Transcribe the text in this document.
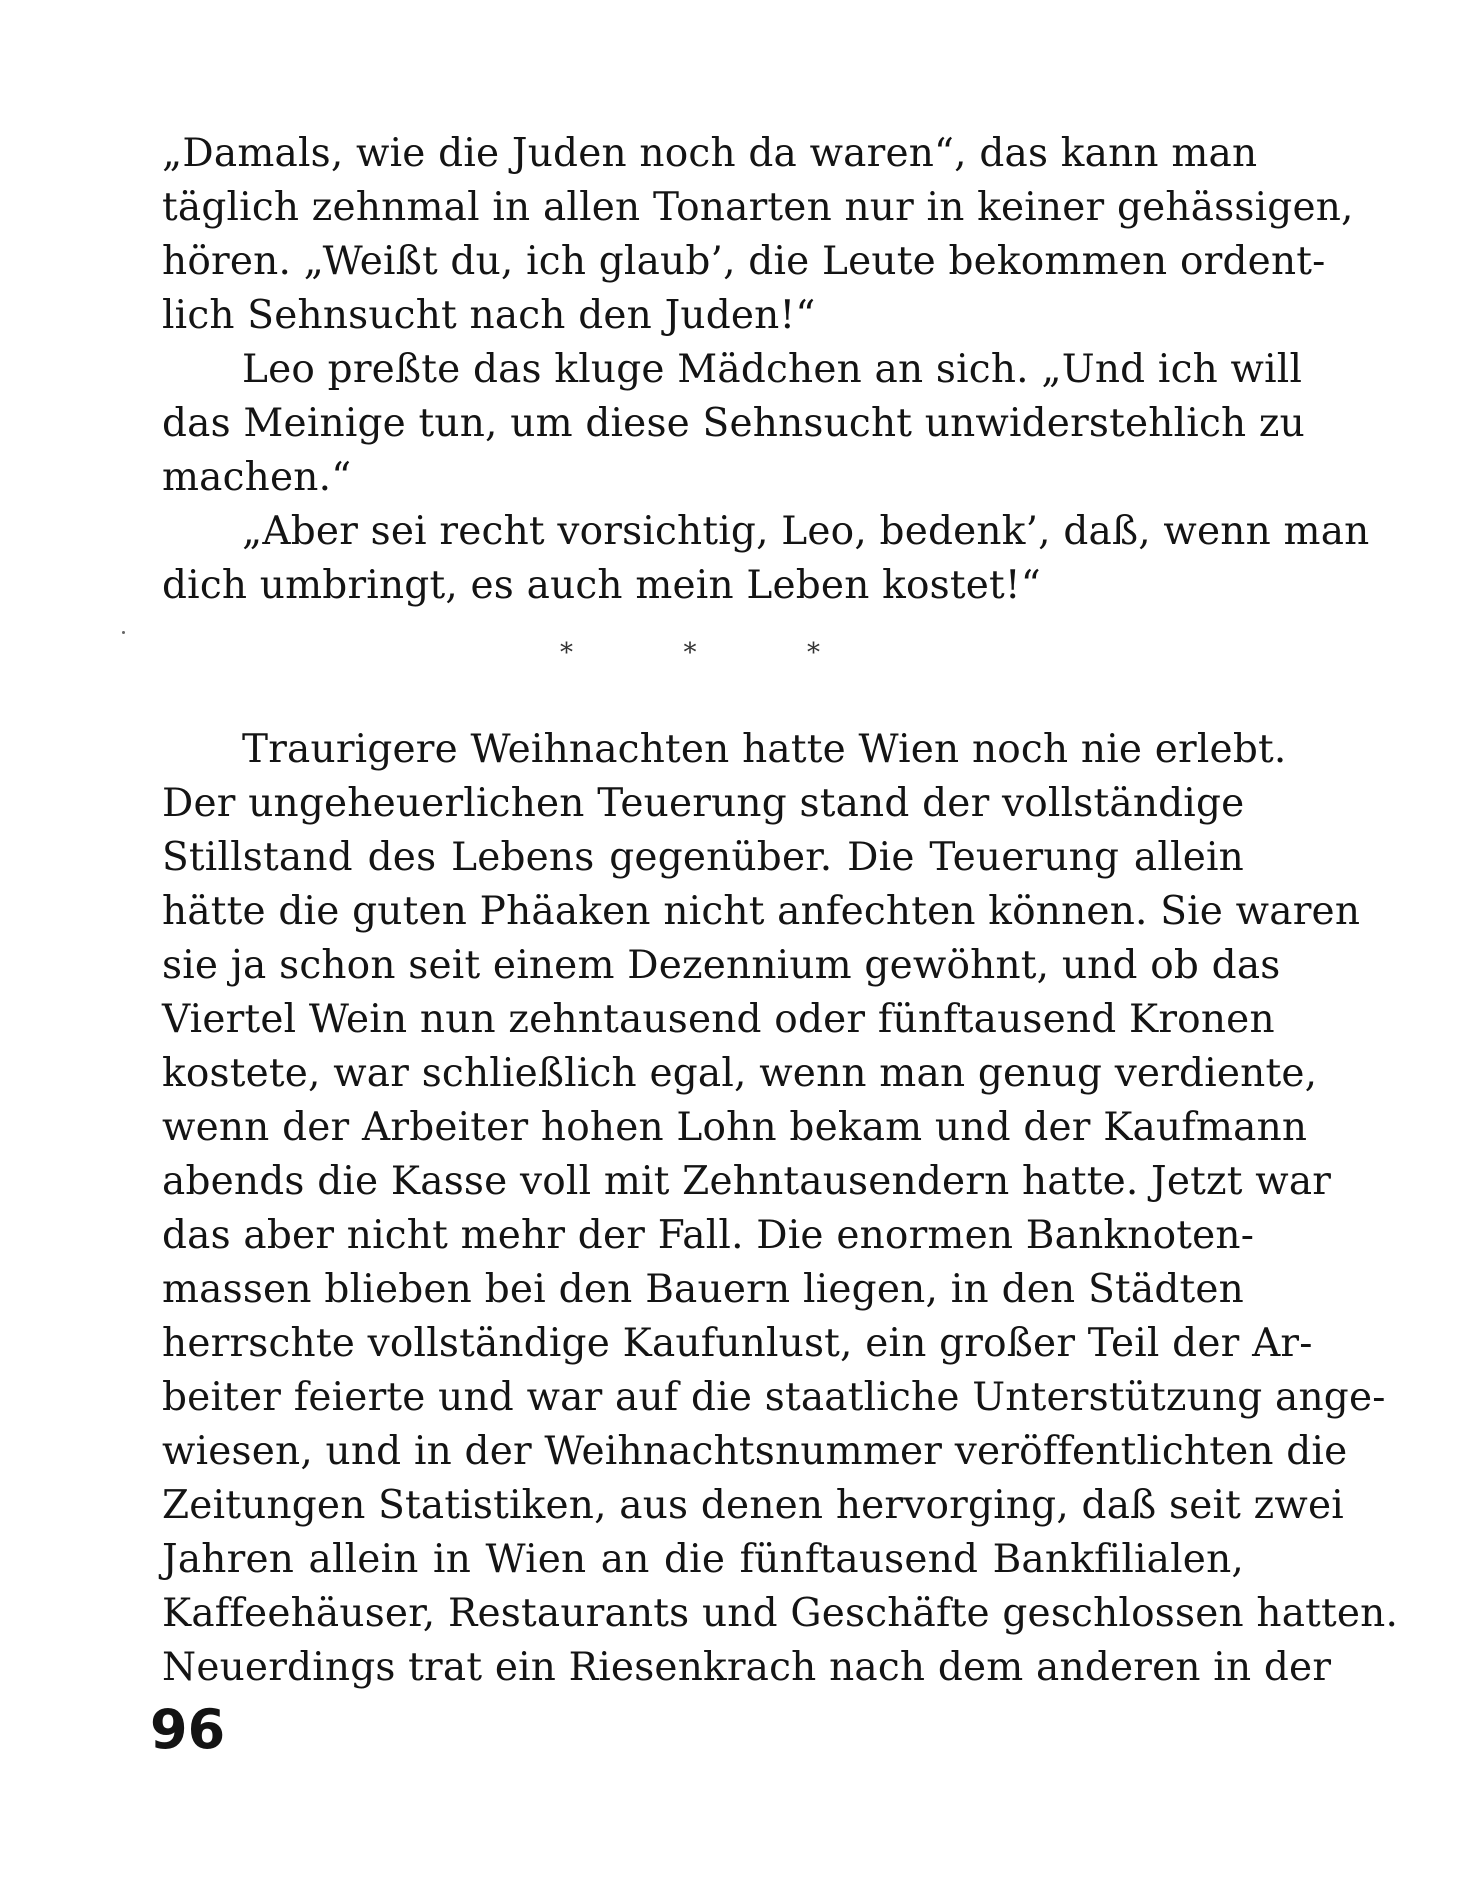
„Damals, wie die Juden noch da waren“, das kann man
täglich zehnmal in allen Tonarten nur in keiner gehässigen,
hören. „Weißt du, ich glaub’, die Leute bekommen ordent-
lich Sehnsucht nach den Juden!“
Leo preßte das kluge Mädchen an sich. „Und ich will
das Meinige tun, um diese Sehnsucht unwiderstehlich zu
machen.“
„Aber sei recht vorsichtig, Leo, bedenk’, daß, wenn man
dich umbringt, es auch mein Leben kostet!“
*	*	*
Traurigere Weihnachten hatte Wien noch nie erlebt.
Der ungeheuerlichen Teuerung stand der vollständige
Stillstand des Lebens gegenüber. Die Teuerung allein
hätte die guten Phäaken nicht anfechten können. Sie waren
sie ja schon seit einem Dezennium gewöhnt, und ob das
Viertel Wein nun zehntausend oder fünftausend Kronen
kostete, war schließlich egal, wenn man genug verdiente,
wenn der Arbeiter hohen Lohn bekam und der Kaufmann
abends die Kasse voll mit Zehntausendern hatte. Jetzt war
das aber nicht mehr der Fall. Die enormen Banknoten-
massen blieben bei den Bauern liegen, in den Städten
herrschte vollständige Kaufunlust, ein großer Teil der Ar-
beiter feierte und war auf die staatliche Unterstützung ange-
wiesen, und in der Weihnachtsnummer veröffentlichten die
Zeitungen Statistiken, aus denen hervorging, daß seit zwei
Jahren allein in Wien an die fünftausend Bankfilialen,
Kaffeehäuser, Restaurants und Geschäfte geschlossen hatten.
Neuerdings trat ein Riesenkrach nach dem anderen in der
96
